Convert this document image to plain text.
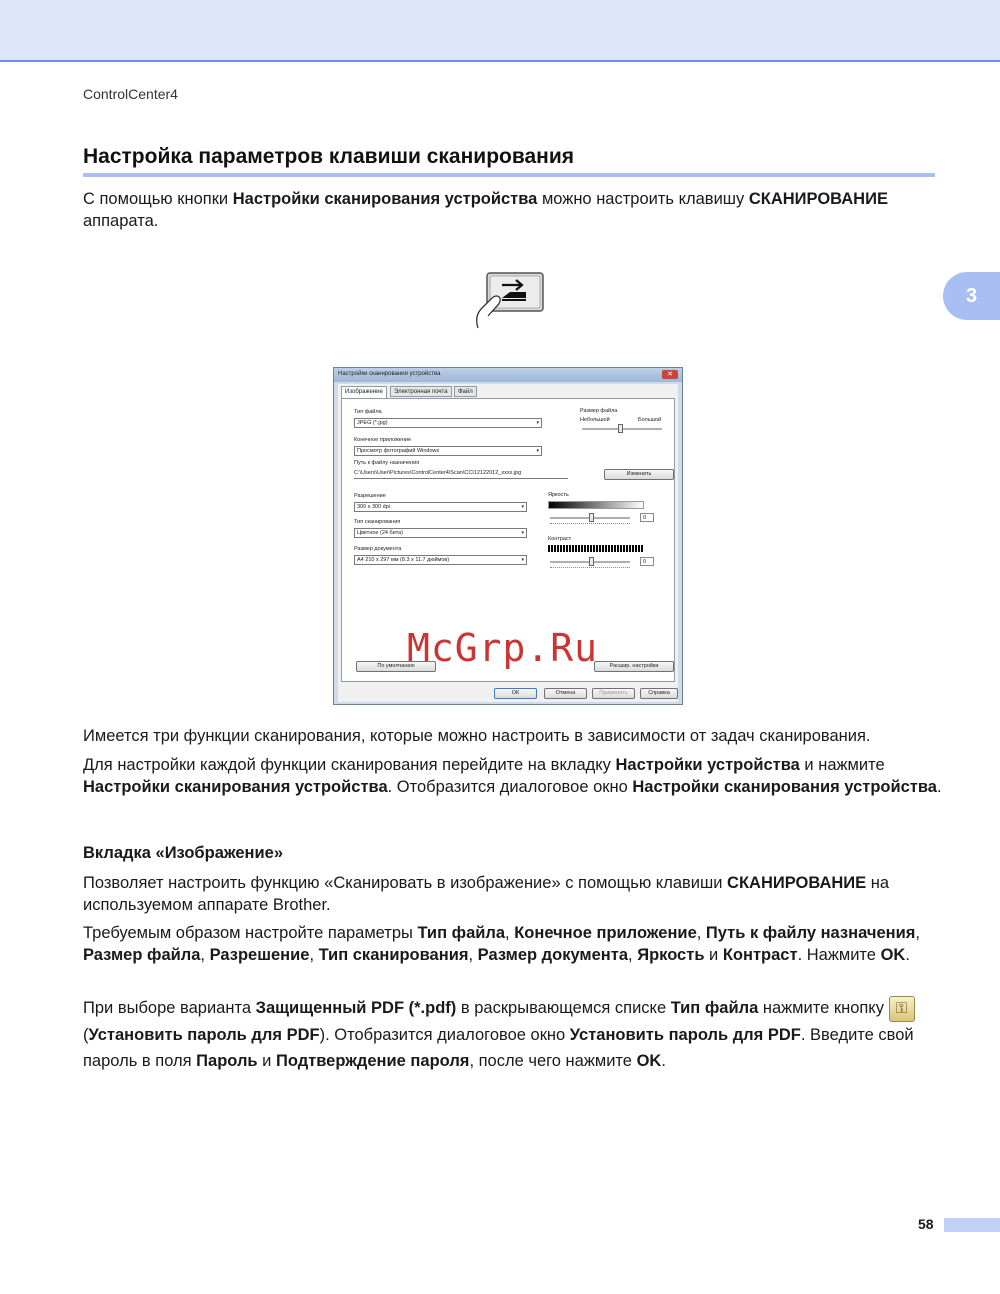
ControlCenter4
3
Настройка параметров клавиши сканирования

С помощью кнопки Настройки сканирования устройства можно настроить клавишу СКАНИРОВАНИЕ аппарата.

Настройки сканирования устройства	✕
Изображение	Электронная почта	Файл
Тип файла
JPEG (*.jpg)	▾
Размер файла
Небольшой	Большой
Конечное приложение
Просмотр фотографий Windows	▾
Путь к файлу назначения
C:\Users\User\Pictures\ControlCenter4\Scan\CCI12122012_xxxx.jpg	Изменить
Разрешение
300 x 300 dpi	▾
Яркость
0
Тип сканирования
Цветное (24 бита)	▾
Контраст
0
Размер документа
A4 210 x 297 мм (8.3 x 11.7 дюймов)	▾
По умолчанию	Расшир. настройки
ОК	Отмена	Применить	Справка
McGrp.Ru

Имеется три функции сканирования, которые можно настроить в зависимости от задач сканирования.

Для настройки каждой функции сканирования перейдите на вкладку Настройки устройства и нажмите Настройки сканирования устройства. Отобразится диалоговое окно Настройки сканирования устройства.

Вкладка «Изображение»

Позволяет настроить функцию «Сканировать в изображение» с помощью клавиши СКАНИРОВАНИЕ на используемом аппарате Brother.

Требуемым образом настройте параметры Тип файла, Конечное приложение, Путь к файлу назначения, Размер файла, Разрешение, Тип сканирования, Размер документа, Яркость и Контраст. Нажмите OK.

При выборе варианта Защищенный PDF (*.pdf) в раскрывающемся списке Тип файла нажмите кнопку ⚿ (Установить пароль для PDF). Отобразится диалоговое окно Установить пароль для PDF. Введите свой пароль в поля Пароль и Подтверждение пароля, после чего нажмите OK.

58
